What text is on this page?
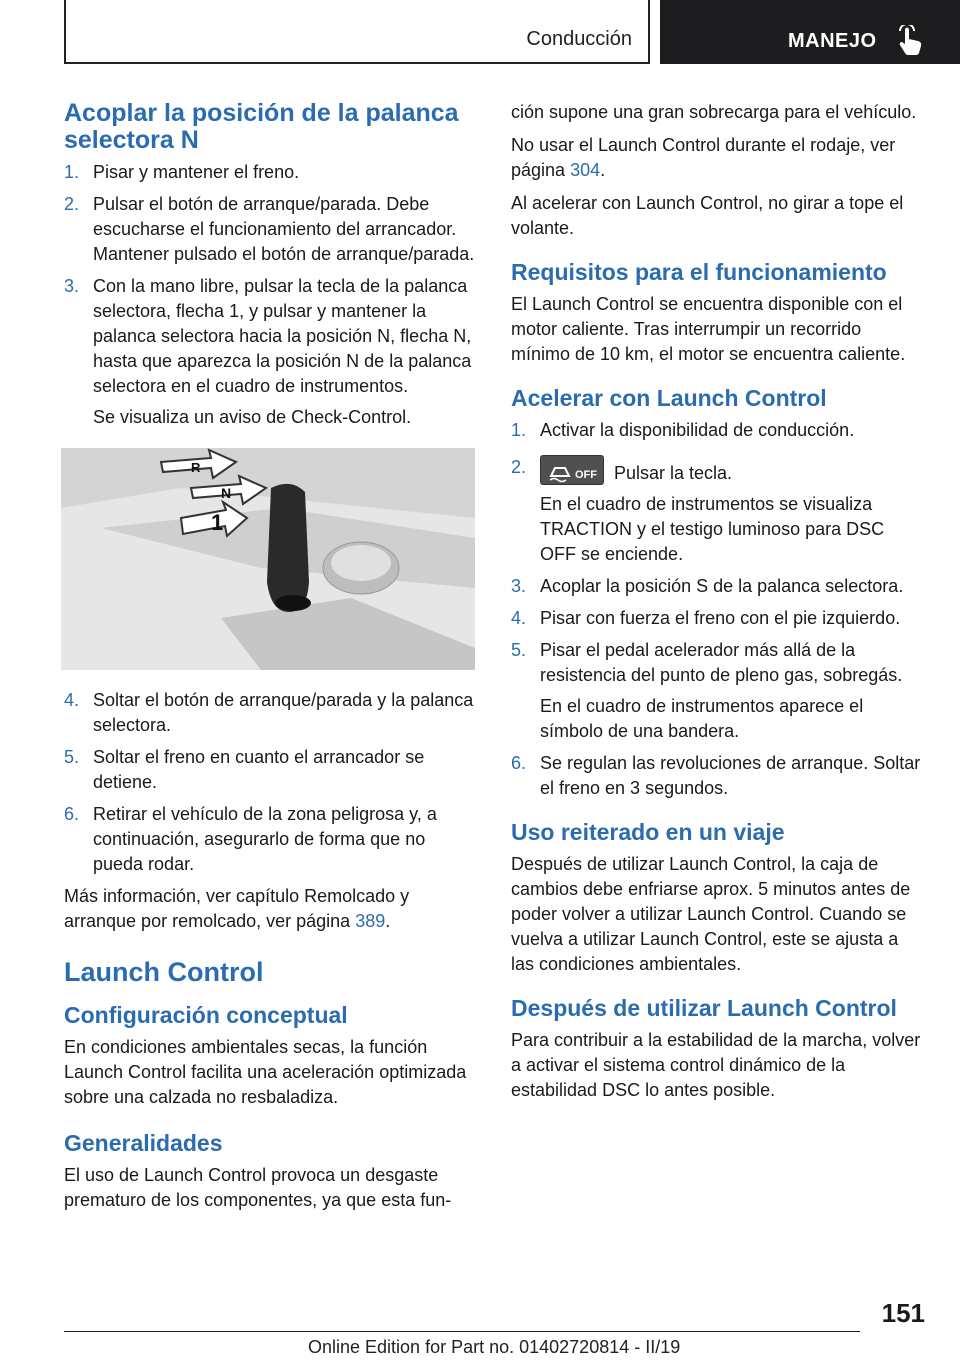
Conducción	MANEJO
Acoplar la posición de la palanca selectora N
1. Pisar y mantener el freno.
2. Pulsar el botón de arranque/parada. Debe escucharse el funcionamiento del arrancador. Mantener pulsado el botón de arranque/parada.
3. Con la mano libre, pulsar la tecla de la palanca selectora, flecha 1, y pulsar y mantener la palanca selectora hacia la posición N, flecha N, hasta que aparezca la posición N de la palanca selectora en el cuadro de instrumentos.
Se visualiza un aviso de Check-Control.
1
N
R
4. Soltar el botón de arranque/parada y la palanca selectora.
5. Soltar el freno en cuanto el arrancador se detiene.
6. Retirar el vehículo de la zona peligrosa y, a continuación, asegurarlo de forma que no pueda rodar.

Más información, ver capítulo Remolcado y arranque por remolcado, ver página 389.

Launch Control
Configuración conceptual

En condiciones ambientales secas, la función Launch Control facilita una aceleración optimizada sobre una calzada no resbaladiza.

Generalidades

El uso de Launch Control provoca un desgaste prematuro de los componentes, ya que esta fun-

ción supone una gran sobrecarga para el vehículo.

No usar el Launch Control durante el rodaje, ver página 304.

Al acelerar con Launch Control, no girar a tope el volante.

Requisitos para el funcionamiento

El Launch Control se encuentra disponible con el motor caliente. Tras interrumpir un recorrido mínimo de 10 km, el motor se encuentra caliente.

Acelerar con Launch Control
1. Activar la disponibilidad de conducción.
2.	OFF Pulsar la tecla.
En el cuadro de instrumentos se visualiza TRACTION y el testigo luminoso para DSC OFF se enciende.
3. Acoplar la posición S de la palanca selectora.
4. Pisar con fuerza el freno con el pie izquierdo.
5. Pisar el pedal acelerador más allá de la resistencia del punto de pleno gas, sobregás.
En el cuadro de instrumentos aparece el símbolo de una bandera.
6. Se regulan las revoluciones de arranque. Soltar el freno en 3 segundos.
Uso reiterado en un viaje

Después de utilizar Launch Control, la caja de cambios debe enfriarse aprox. 5 minutos antes de poder volver a utilizar Launch Control. Cuando se vuelva a utilizar Launch Control, este se ajusta a las condiciones ambientales.

Después de utilizar Launch Control

Para contribuir a la estabilidad de la marcha, volver a activar el sistema control dinámico de la estabilidad DSC lo antes posible.

151
Online Edition for Part no. 01402720814 - II/19
